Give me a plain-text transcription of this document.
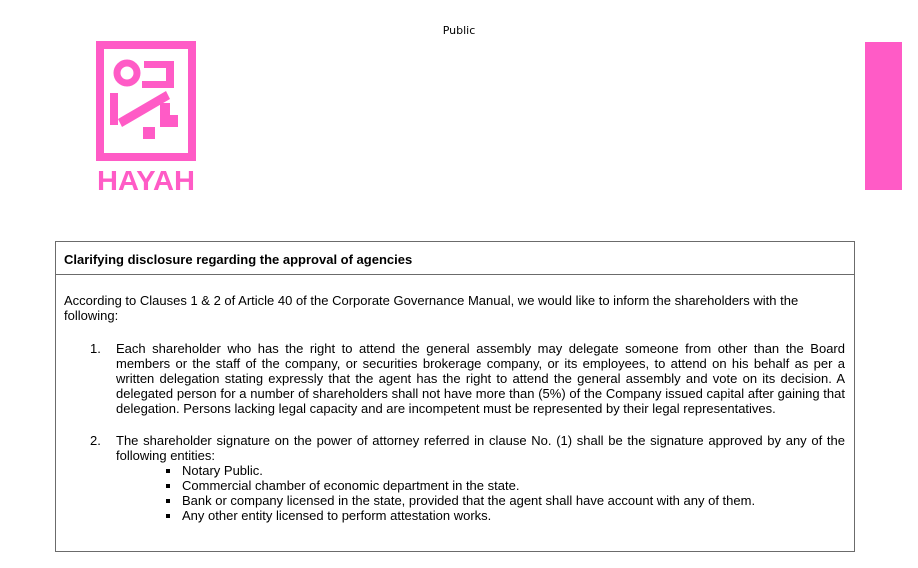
Public
HAYAH
Clarifying disclosure regarding the approval of agencies

According to Clauses 1 & 2 of Article 40 of the Corporate Governance Manual, we would like to inform the shareholders with the following:

1.	Each shareholder who has the right to attend the general assembly may delegate someone from other than the Board members or the staff of the company, or securities brokerage company, or its employees, to attend on his behalf as per a written delegation stating expressly that the agent has the right to attend the general assembly and vote on its decision. A delegated person for a number of shareholders shall not have more than (5%) of the Company issued capital after gaining that delegation. Persons lacking legal capacity and are incompetent must be represented by their legal representatives.
2.	The shareholder signature on the power of attorney referred in clause No. (1) shall be the signature approved by any of the following entities:
Notary Public.
Commercial chamber of economic department in the state.
Bank or company licensed in the state, provided that the agent shall have account with any of them.
Any other entity licensed to perform attestation works.
